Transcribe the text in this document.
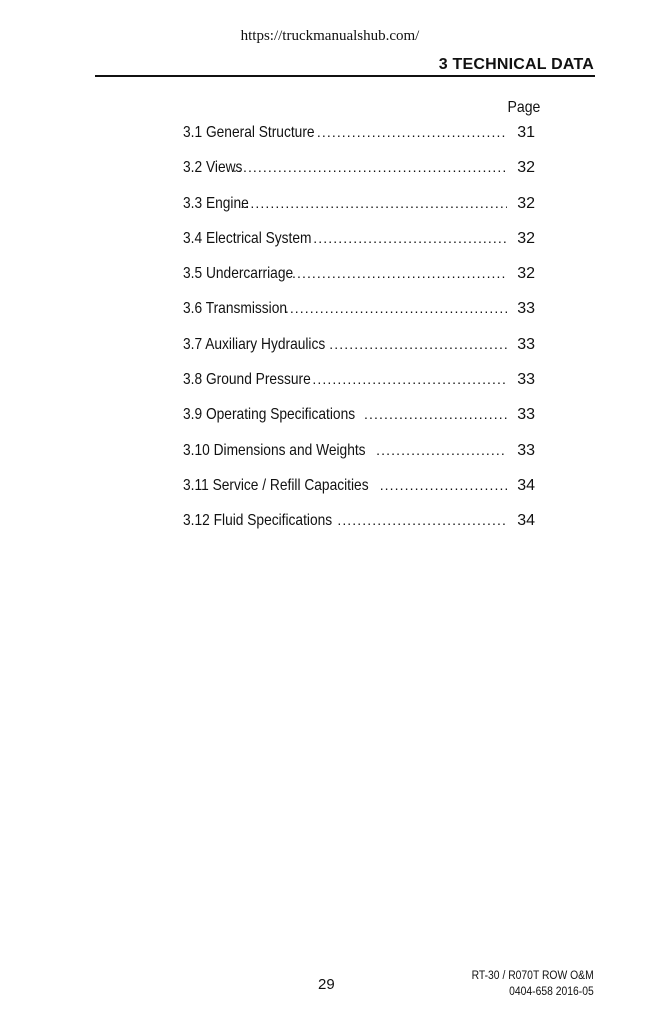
https://truckmanualshub.com/
3 TECHNICAL DATA
Page
3.1 General Structure .....	31
3.2 Views .....	32
3.3 Engine .....	32
3.4 Electrical System .....	32
3.5 Undercarriage .....	32
3.6 Transmission .....	33
3.7 Auxiliary Hydraulics .....	33
3.8 Ground Pressure .....	33
3.9 Operating Specifications .....	33
3.10 Dimensions and Weights .....	33
3.11 Service / Refill Capacities .....	34
3.12 Fluid Specifications .....	34
29	RT-30 / R070T ROW O&M
0404-658 2016-05
